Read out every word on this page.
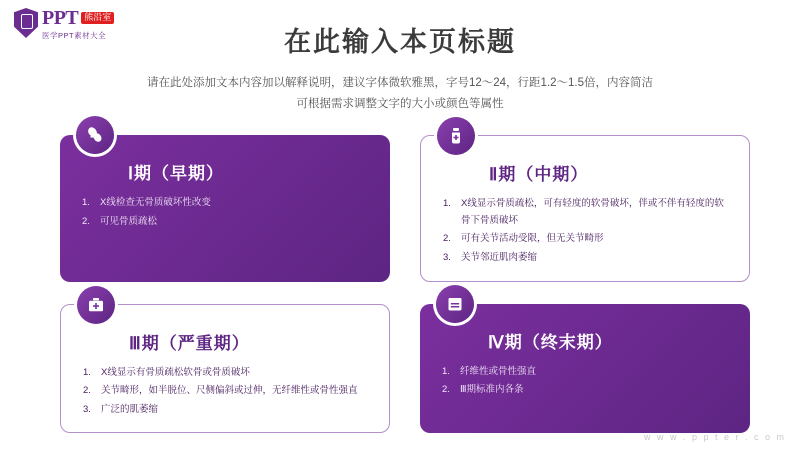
PPT 熊沿室
医学PPT素材大全	在此输入本页标题
请在此处添加文本内容加以解释说明，建议字体微软雅黑，字号12～24，行距1.2～1.5倍，内容简洁
可根据需求调整文字的大小或颜色等属性
Ⅰ期（早期）
1. X线检查无骨质破坏性改变
2. 可见骨质疏松
Ⅱ期（中期）
1. X线显示骨质疏松，可有轻度的软骨破坏，伴或不伴有轻度的软骨下骨质破坏
2. 可有关节活动受限，但无关节畸形
3. 关节邻近肌肉萎缩
Ⅲ期（严重期）
1. X线显示有骨质疏松软骨或骨质破坏
2. 关节畸形，如半脱位、尺侧偏斜或过伸，无纤维性或骨性强直
3. 广泛的肌萎缩
Ⅳ期（终末期）
1. 纤维性或骨性强直
2. Ⅲ期标准内各条
w w w . p p t e r . c o m
